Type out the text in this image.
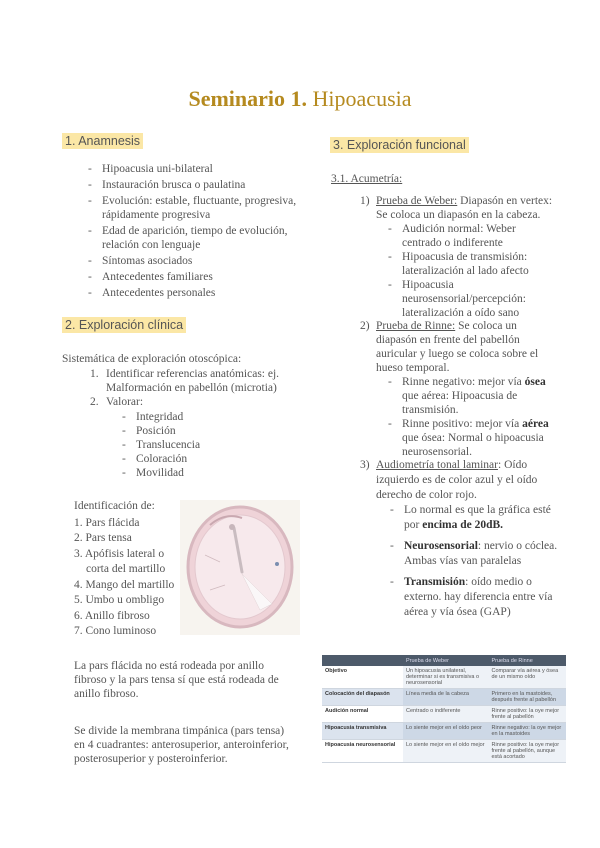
Seminario 1. Hipoacusia
1. Anamnesis
- Hipoacusia uni-bilateral
- Instauración brusca o paulatina
- Evolución: estable, fluctuante, progresiva, rápidamente progresiva
- Edad de aparición, tiempo de evolución, relación con lenguaje
- Síntomas asociados
- Antecedentes familiares
- Antecedentes personales
2. Exploración clínica
Sistemática de exploración otoscópica:
1. Identificar referencias anatómicas: ej. Malformación en pabellón (microtia)
2. Valorar:
- Integridad
- Posición
- Translucencia
- Coloración
- Movilidad
Identificación de:
1. Pars flácida
2. Pars tensa
3. Apófisis lateral o corta del martillo
4. Mango del martillo
5. Umbo u ombligo
6. Anillo fibroso
7. Cono luminoso
La pars flácida no está rodeada por anillo fibroso y la pars tensa sí que está rodeada de anillo fibroso.
Se divide la membrana timpánica (pars tensa) en 4 cuadrantes: anterosuperior, anteroinferior, posterosuperior y posteroinferior.
3. Exploración funcional
3.1. Acumetría:
1) Prueba de Weber: Diapasón en vertex: Se coloca un diapasón en la cabeza.
- Audición normal: Weber centrado o indiferente
- Hipoacusia de transmisión: lateralización al lado afecto
- Hipoacusia neurosensorial/percepción: lateralización a oído sano
2) Prueba de Rinne: Se coloca un diapasón en frente del pabellón auricular y luego se coloca sobre el hueso temporal.
- Rinne negativo: mejor vía ósea que aérea: Hipoacusia de transmisión.
- Rinne positivo: mejor vía aérea que ósea: Normal o hipoacusia neurosensorial.
3) Audiometría tonal laminar: Oído izquierdo es de color azul y el oído derecho de color rojo.
- Lo normal es que la gráfica esté por encima de 20dB.
- Neurosensorial: nervio o cóclea. Ambas vías van paralelas
- Transmisión: oído medio o externo. hay diferencia entre vía aérea y vía ósea (GAP)
	Prueba de Weber	Prueba de Rinne
Objetivo	Un hipoacusia unilateral, determinar si es transmisiva o neurosensorial	Comparar vía aérea y ósea de un mismo oído
Colocación del diapasón	Línea media de la cabeza	Primero en la mastoides, después frente al pabellón
Audición normal	Centrado o indiferente	Rinne positivo: la oye mejor frente al pabellón
Hipoacusia transmisiva	Lo siente mejor en el oído peor	Rinne negativo: la oye mejor en la mastoides
Hipoacusia neurosensorial	Lo siente mejor en el oído mejor	Rinne positivo: la oye mejor frente al pabellón, aunque está acortado
